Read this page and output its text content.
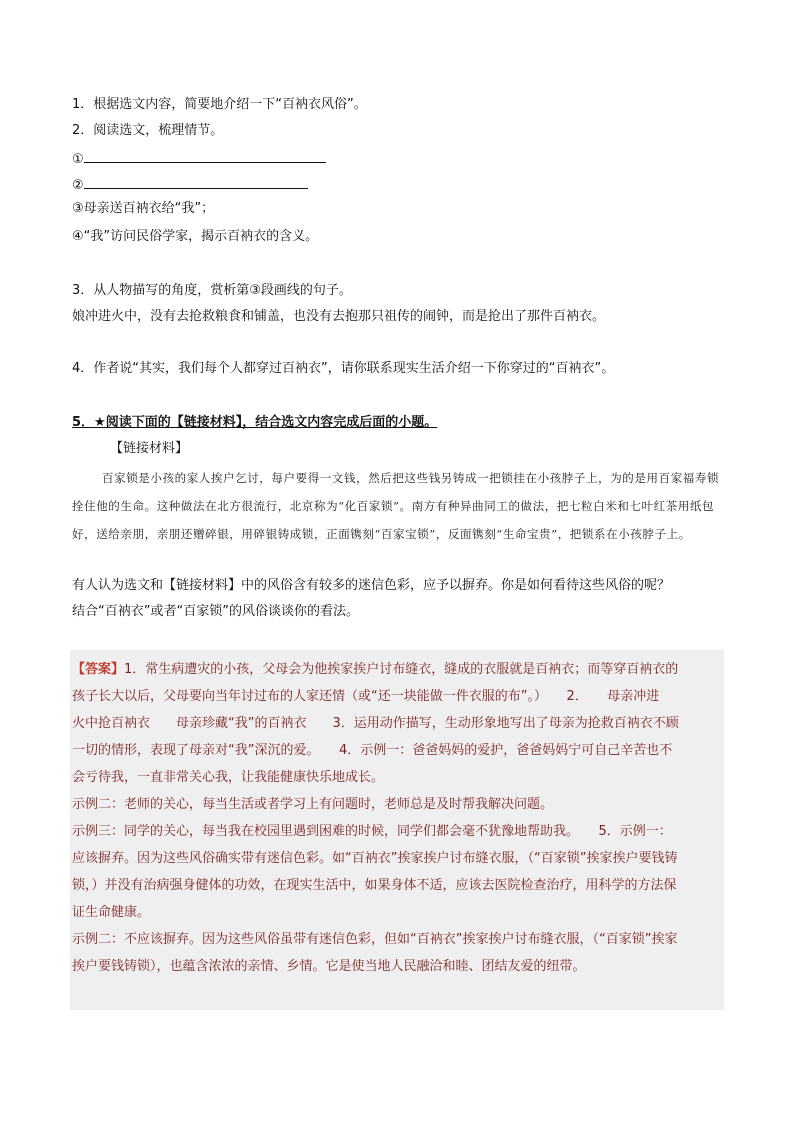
1．根据选文内容，简要地介绍一下“百衲衣风俗”。
2．阅读选文，梳理情节。
①
②
③母亲送百衲衣给“我”；
④“我”访问民俗学家，揭示百衲衣的含义。
3．从人物描写的角度，赏析第③段画线的句子。
娘冲进火中，没有去抢救粮食和铺盖，也没有去抱那只祖传的闹钟，而是抢出了那件百衲衣。
4．作者说“其实，我们每个人都穿过百衲衣”，请你联系现实生活介绍一下你穿过的“百衲衣”。
5．★阅读下面的【链接材料】，结合选文内容完成后面的小题。
【链接材料】

百家锁是小孩的家人挨户乞讨，每户要得一文钱，然后把这些钱另铸成一把锁挂在小孩脖子上，为的是用百家福寿锁拴住他的生命。这种做法在北方很流行，北京称为“化百家锁”。南方有种异曲同工的做法，把七粒白米和七叶红茶用纸包好，送给亲朋，亲朋还赠碎银，用碎银铸成锁，正面镌刻“百家宝锁”，反面镌刻“生命宝贵”，把锁系在小孩脖子上。

有人认为选文和【链接材料】中的风俗含有较多的迷信色彩，应予以摒弃。你是如何看待这些风俗的呢？
结合“百衲衣”或者“百家锁”的风俗谈谈你的看法。
【答案】1．常生病遭灾的小孩，父母会为他挨家挨户讨布缝衣，缝成的衣服就是百衲衣；而等穿百衲衣的
孩子长大以后，父母要向当年讨过布的人家还情（或“还一块能做一件衣服的布”。）　　2．　　母亲冲进
火中抢百衲衣　　母亲珍藏“我”的百衲衣　　3．运用动作描写，生动形象地写出了母亲为抢救百衲衣不顾
一切的情形，表现了母亲对“我”深沉的爱。　　4．示例一：爸爸妈妈的爱护，爸爸妈妈宁可自己辛苦也不
会亏待我，一直非常关心我，让我能健康快乐地成长。
示例二：老师的关心，每当生活或者学习上有问题时，老师总是及时帮我解决问题。
示例三：同学的关心，每当我在校园里遇到困难的时候，同学们都会毫不犹豫地帮助我。　　5．示例一：
应该摒弃。因为这些风俗确实带有迷信色彩。如“百衲衣”挨家挨户讨布缝衣服，（“百家锁”挨家挨户要钱铸
锁，）并没有治病强身健体的功效，在现实生活中，如果身体不适，应该去医院检查治疗，用科学的方法保
证生命健康。
示例二：不应该摒弃。因为这些风俗虽带有迷信色彩，但如“百衲衣”挨家挨户讨布缝衣服，（“百家锁”挨家
挨户要钱铸锁），也蕴含浓浓的亲情、乡情。它是使当地人民融洽和睦、团结友爱的纽带。
